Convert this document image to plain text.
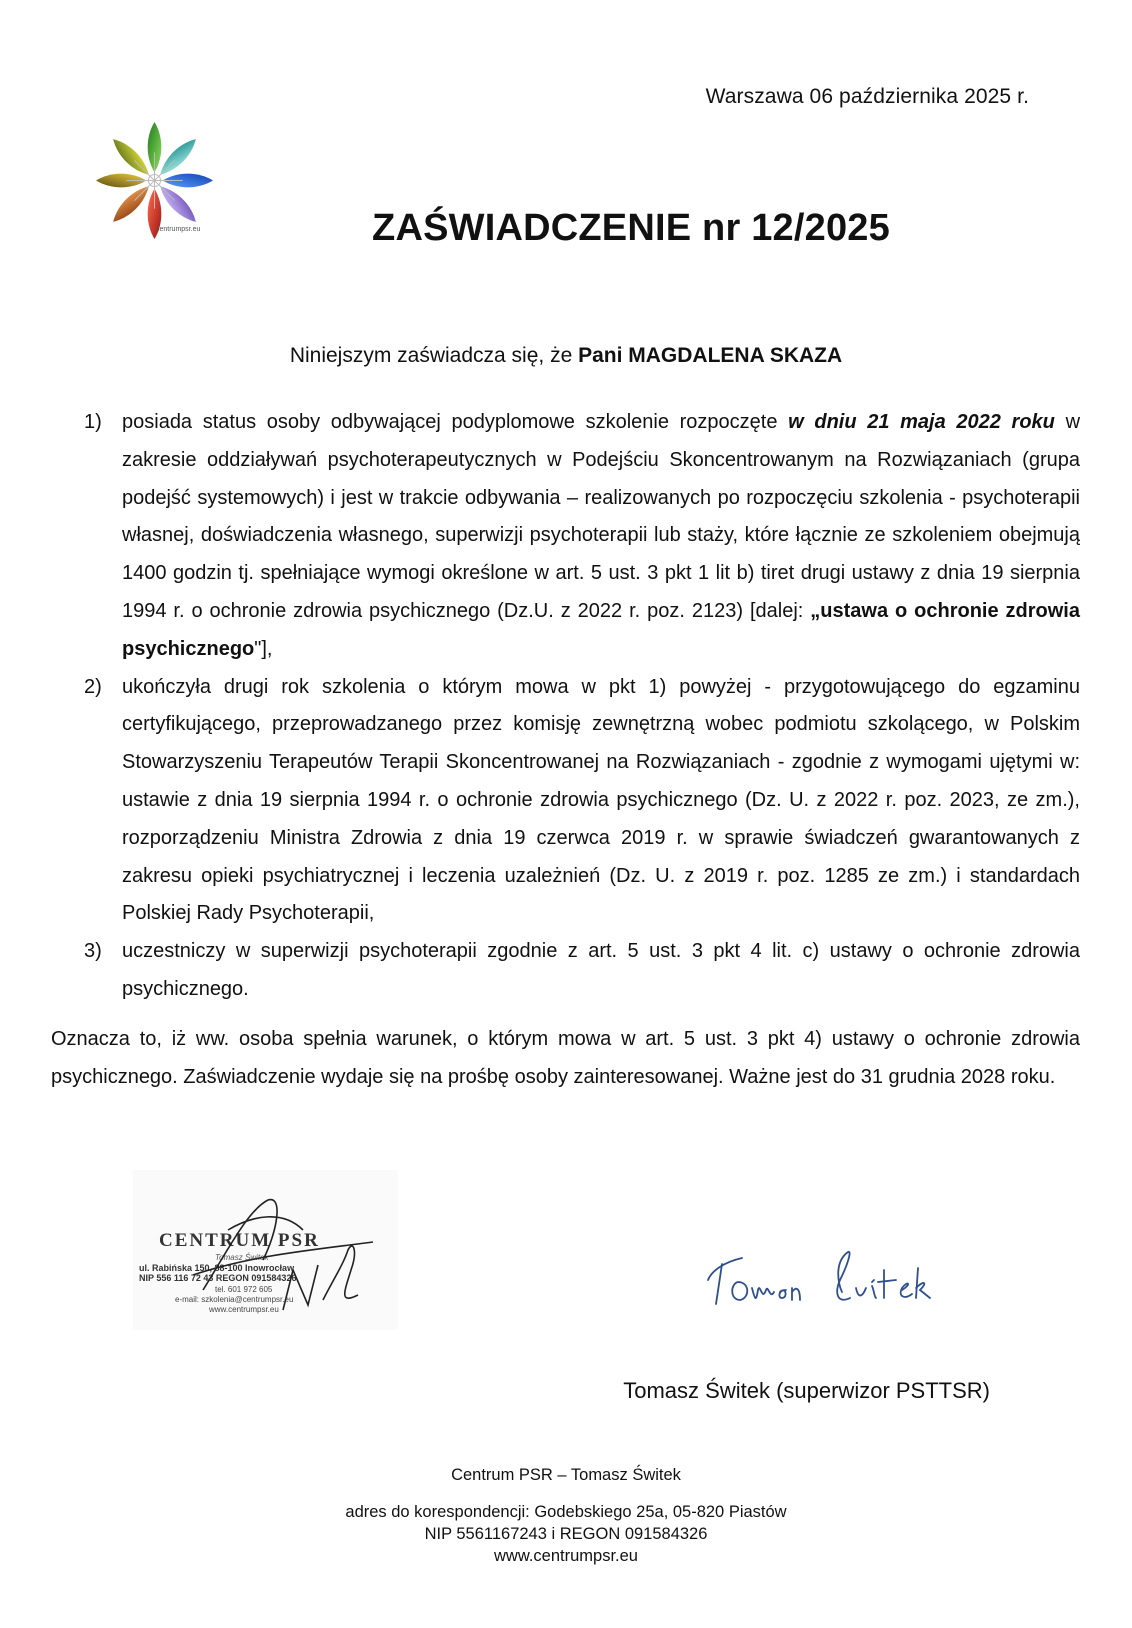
Warszawa 06 października 2025 r.
centrumpsr.eu	ZAŚWIADCZENIE nr 12/2025
Niniejszym zaświadcza się, że Pani MAGDALENA SKAZA
1) posiada status osoby odbywającej podyplomowe szkolenie rozpoczęte w dniu 21 maja 2022 roku w zakresie oddziaływań psychoterapeutycznych w Podejściu Skoncentrowanym na Rozwiązaniach (grupa podejść systemowych) i jest w trakcie odbywania – realizowanych po rozpoczęciu szkolenia - psychoterapii własnej, doświadczenia własnego, superwizji psychoterapii lub staży, które łącznie ze szkoleniem obejmują 1400 godzin tj. spełniające wymogi określone w art. 5 ust. 3 pkt 1 lit b) tiret drugi ustawy z dnia 19 sierpnia 1994 r. o ochronie zdrowia psychicznego (Dz.U. z 2022 r. poz. 2123) [dalej: „ustawa o ochronie zdrowia psychicznego"],
2) ukończyła drugi rok szkolenia o którym mowa w pkt 1) powyżej - przygotowującego do egzaminu certyfikującego, przeprowadzanego przez komisję zewnętrzną wobec podmiotu szkolącego, w Polskim Stowarzyszeniu Terapeutów Terapii Skoncentrowanej na Rozwiązaniach - zgodnie z wymogami ujętymi w: ustawie z dnia 19 sierpnia 1994 r. o ochronie zdrowia psychicznego (Dz. U. z 2022 r. poz. 2023, ze zm.), rozporządzeniu Ministra Zdrowia z dnia 19 czerwca 2019 r. w sprawie świadczeń gwarantowanych z zakresu opieki psychiatrycznej i leczenia uzależnień (Dz. U. z 2019 r. poz. 1285 ze zm.) i standardach Polskiej Rady Psychoterapii,
3) uczestniczy w superwizji psychoterapii zgodnie z art. 5 ust. 3 pkt 4 lit. c) ustawy o ochronie zdrowia psychicznego.
Oznacza to, iż ww. osoba spełnia warunek, o którym mowa w art. 5 ust. 3 pkt 4) ustawy o ochronie zdrowia psychicznego. Zaświadczenie wydaje się na prośbę osoby zainteresowanej. Ważne jest do 31 grudnia 2028 roku.
CENTRUM PSR
Tomasz Świtek
ul. Rabińska 150, 88-100 Inowrocław
NIP 556 116 72 43 REGON 091584326
tel. 601 972 605
e-mail: szkolenia@centrumpsr.eu
www.centrumpsr.eu
Tomasz Świtek (superwizor PSTTSR)
Centrum PSR – Tomasz Świtek
adres do korespondencji: Godebskiego 25a, 05-820 Piastów
NIP 5561167243 i REGON 091584326
www.centrumpsr.eu
